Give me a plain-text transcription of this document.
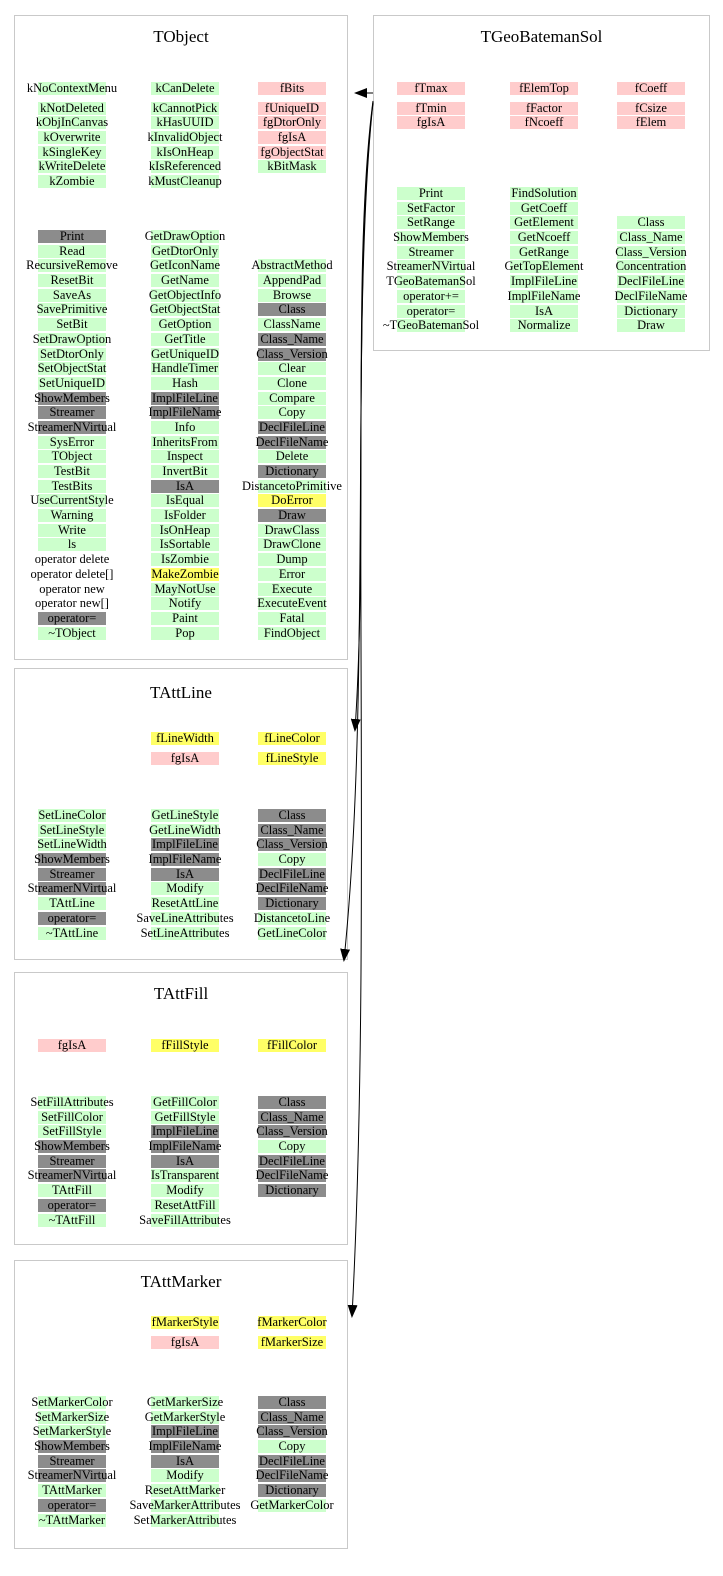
TObject
kNoContextMenu
kNotDeleted
kObjInCanvas
kOverwrite
kSingleKey
kWriteDelete
kZombie
kCanDelete
kCannotPick
kHasUUID
kInvalidObject
kIsOnHeap
kIsReferenced
kMustCleanup
fBits
fUniqueID
fgDtorOnly
fgIsA
fgObjectStat
kBitMask
Print
Read
RecursiveRemove
ResetBit
SaveAs
SavePrimitive
SetBit
SetDrawOption
SetDtorOnly
SetObjectStat
SetUniqueID
ShowMembers
Streamer
StreamerNVirtual
SysError
TObject
TestBit
TestBits
UseCurrentStyle
Warning
Write
ls
operator delete
operator delete[]
operator new
operator new[]
operator=
~TObject
GetDrawOption
GetDtorOnly
GetIconName
GetName
GetObjectInfo
GetObjectStat
GetOption
GetTitle
GetUniqueID
HandleTimer
Hash
ImplFileLine
ImplFileName
Info
InheritsFrom
Inspect
InvertBit
IsA
IsEqual
IsFolder
IsOnHeap
IsSortable
IsZombie
MakeZombie
MayNotUse
Notify
Paint
Pop
AbstractMethod
AppendPad
Browse
Class
ClassName
Class_Name
Class_Version
Clear
Clone
Compare
Copy
DeclFileLine
DeclFileName
Delete
Dictionary
DistancetoPrimitive
DoError
Draw
DrawClass
DrawClone
Dump
Error
Execute
ExecuteEvent
Fatal
FindObject
TGeoBatemanSol
fTmax
fTmin
fgIsA
fElemTop
fFactor
fNcoeff
fCoeff
fCsize
fElem
Print
SetFactor
SetRange
ShowMembers
Streamer
StreamerNVirtual
TGeoBatemanSol
operator+=
operator=
~TGeoBatemanSol
FindSolution
GetCoeff
GetElement
GetNcoeff
GetRange
GetTopElement
ImplFileLine
ImplFileName
IsA
Normalize
Class
Class_Name
Class_Version
Concentration
DeclFileLine
DeclFileName
Dictionary
Draw
TAttLine
fLineWidth
fgIsA
fLineColor
fLineStyle
SetLineColor
SetLineStyle
SetLineWidth
ShowMembers
Streamer
StreamerNVirtual
TAttLine
operator=
~TAttLine
GetLineStyle
GetLineWidth
ImplFileLine
ImplFileName
IsA
Modify
ResetAttLine
SaveLineAttributes
SetLineAttributes
Class
Class_Name
Class_Version
Copy
DeclFileLine
DeclFileName
Dictionary
DistancetoLine
GetLineColor
TAttFill
fgIsA	fFillStyle	fFillColor
SetFillAttributes
SetFillColor
SetFillStyle
ShowMembers
Streamer
StreamerNVirtual
TAttFill
operator=
~TAttFill
GetFillColor
GetFillStyle
ImplFileLine
ImplFileName
IsA
IsTransparent
Modify
ResetAttFill
SaveFillAttributes
Class
Class_Name
Class_Version
Copy
DeclFileLine
DeclFileName
Dictionary
TAttMarker
fMarkerStyle
fgIsA
fMarkerColor
fMarkerSize
SetMarkerColor
SetMarkerSize
SetMarkerStyle
ShowMembers
Streamer
StreamerNVirtual
TAttMarker
operator=
~TAttMarker
GetMarkerSize
GetMarkerStyle
ImplFileLine
ImplFileName
IsA
Modify
ResetAttMarker
SaveMarkerAttributes
SetMarkerAttributes
Class
Class_Name
Class_Version
Copy
DeclFileLine
DeclFileName
Dictionary
GetMarkerColor
